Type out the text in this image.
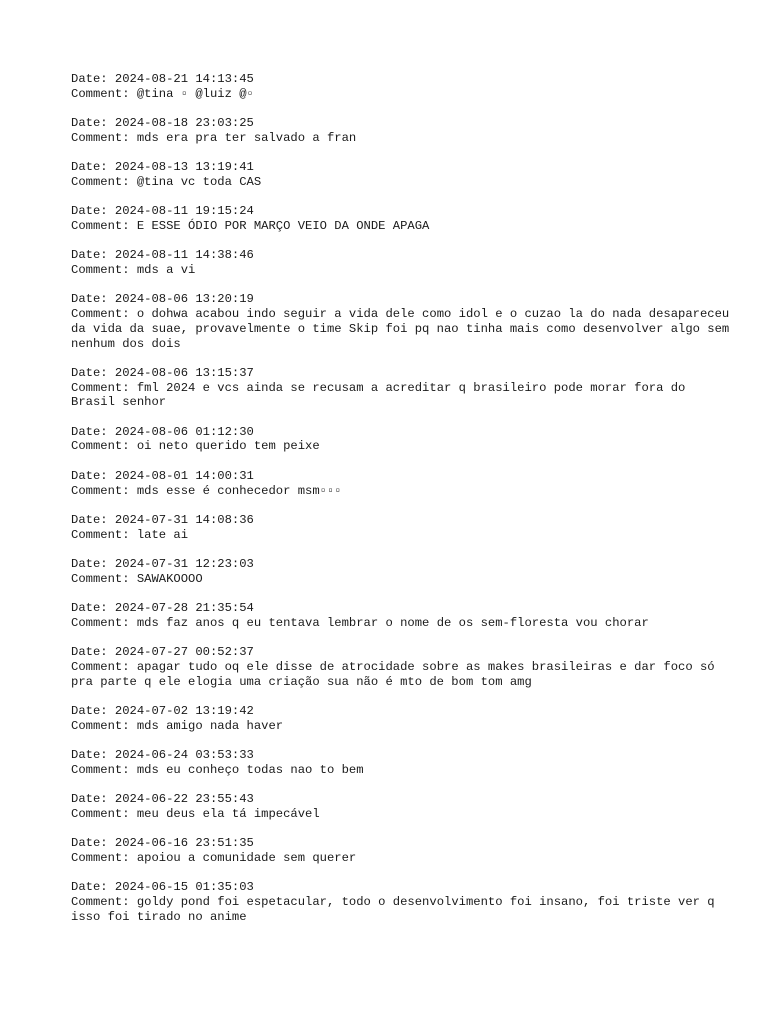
Date: 2024-08-21 14:13:45
Comment: @tina ▫ @luiz @▫
Date: 2024-08-18 23:03:25
Comment: mds era pra ter salvado a fran
Date: 2024-08-13 13:19:41
Comment: @tina vc toda CAS
Date: 2024-08-11 19:15:24
Comment: E ESSE ÓDIO POR MARÇO VEIO DA ONDE APAGA
Date: 2024-08-11 14:38:46
Comment: mds a vi
Date: 2024-08-06 13:20:19
Comment: o dohwa acabou indo seguir a vida dele como idol e o cuzao la do nada desapareceu da vida da suae, provavelmente o time Skip foi pq nao tinha mais como desenvolver algo sem nenhum dos dois
Date: 2024-08-06 13:15:37
Comment: fml 2024 e vcs ainda se recusam a acreditar q brasileiro pode morar fora do Brasil senhor
Date: 2024-08-06 01:12:30
Comment: oi neto querido tem peixe
Date: 2024-08-01 14:00:31
Comment: mds esse é conhecedor msm▫▫▫
Date: 2024-07-31 14:08:36
Comment: late ai
Date: 2024-07-31 12:23:03
Comment: SAWAKOOOO
Date: 2024-07-28 21:35:54
Comment: mds faz anos q eu tentava lembrar o nome de os sem-floresta vou chorar
Date: 2024-07-27 00:52:37
Comment: apagar tudo oq ele disse de atrocidade sobre as makes brasileiras e dar foco só pra parte q ele elogia uma criação sua não é mto de bom tom amg
Date: 2024-07-02 13:19:42
Comment: mds amigo nada haver
Date: 2024-06-24 03:53:33
Comment: mds eu conheço todas nao to bem
Date: 2024-06-22 23:55:43
Comment: meu deus ela tá impecável
Date: 2024-06-16 23:51:35
Comment: apoiou a comunidade sem querer
Date: 2024-06-15 01:35:03
Comment: goldy pond foi espetacular, todo o desenvolvimento foi insano, foi triste ver q isso foi tirado no anime
